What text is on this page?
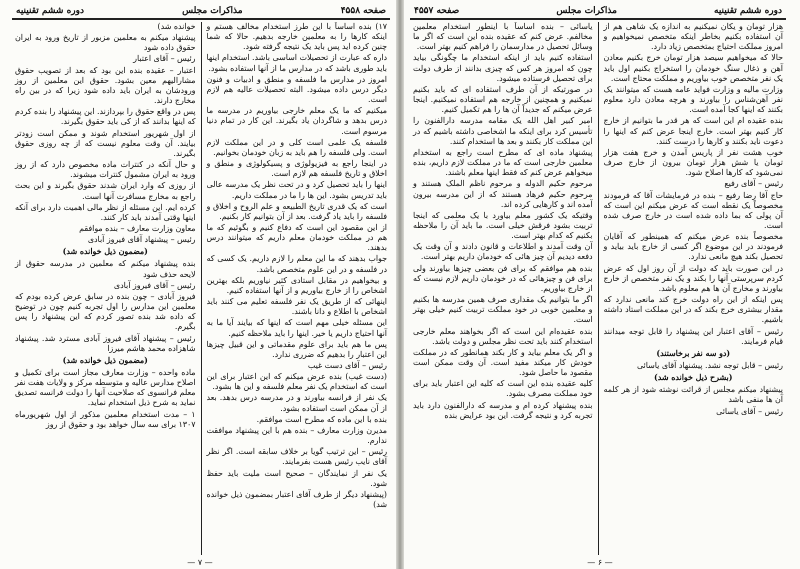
دوره ششم تقنینیه
مذاکرات مجلس
صفحه ۴۵۵۷

هزار تومان و یکان نمیکنیم به اندازه یک شاهی هم از آن استفاده بکنیم بخاطر اینکه متخصص نمیخواهیم و امروز مملکت احتیاج بمتخصص زیاد دارد.

حالا که میخواهیم سیصد هزار تومان خرج بکنیم معادن آهن و ذغال سنگ خودمان را استخراج بکنیم اول باید یک نفر متخصص خوب بیاوریم و مملکت محتاج است.

وزارت مالیه و وزارت فواید عامه هست که میتوانند یک نفر آهن‌شناس را بیاورند و هرچه معادن دارد معلوم بکنند که اینها کجا آمده است.

بنده عقیده ام این است که هر قدر ما بتوانیم از خارج کار کنیم بهتر است. خارج اینجا عرض کنم که اینها را دعوت ناید بکنند و کارها را درست کنند.

خوب هشت نفر از پاریس آمدن و خرج هفت هزار تومان یا شش هزار تومان بیرون از خارج صرف نمی‌شود که کارها اصلاح شود.

رئیس – آقای رفیع

حاج آقا رضا رفیع – بنده در فرمایشات آقا که فرمودند مخصوصاً یک نقطه است که عرض میکنم این است که آن پولی که بما داده شده است در خارج صرف شده است.

مخصوصاً بنده عرض میکنم که همینطور که آقایان فرمودند در این موضوع اگر کسی از خارج باید بیاید و تحصیل بکند هیچ مانعی ندارد.

در این صورت باید که دولت از آن روز اول که عرض کردم سرپرستی آنها را بکند و یک نفر متخصص از خارج بیاورند و مخارج آن ها هم معلوم باشد.

پس اینکه از این راه دولت خرج کند مانعی ندارد که مقدار بیشتری خرج بکند که در این مملکت استاد داشته باشیم.

رئیس – آقای اعتبار این پیشنهاد را قابل توجه میدانند قیام فرمایند.

(دو سه نفر برخاستند)

رئیس – قابل توجه نشد. پیشنهاد آقای یاسائی

(بشرح ذیل خوانده شد)

پیشنهاد میکنم مجلس از قرائت نوشته شود از هر کلمه آن ها منفی باشد

رئیس – آقای یاسائی

یاسائی – بنده اساساً با اینطور استخدام معلمین مخالفم. عرض کنم که عقیده بنده این است که اگر ما وسائل تحصیل در مدارسمان را فراهم کنیم بهتر است.

استفاده کنیم باید از اینکه استخدام ما چگونگی بیاید چون که امروز هر کس که چیزی بدانند از طرف دولت برای تحصیل فرستاده میشود.

در صورتیکه از آن طرف استفاده ای که باید بکنیم نمیکنیم و همچنین از خارجه هم استفاده نمیکنیم. اینجا عرض میکنم که جدیداً آن ها را هم تکمیل کنیم.

امیر کبیر اهل الله یک مقامه مدرسه دارالفنون را تأسیس کرد برای اینکه ما اشخاصی داشته باشیم که در این مملکت کار بکنند و بعد ها استخدام کنند.

پیشنهاد ماده ای که مطرح است راجع به استخدام معلمین خارجی است که ما در مملکت لازم داریم، بنده میخواهم عرض کنم که فقط اینها معلم باشند.

مرحوم حکیم الدوله و مرحوم ناظم الملک هستند و مرحوم حکیم فرهاد هستند که از این مدرسه بیرون آمده اند و کارهایی کرده اند.

وقتیکه یک کشور معلم بیاورد با یک معلمی که اینجا تربیت بشود فرقش خیلی است. ما باید آن را ملاحظه بکنیم که کدام بهتر است.

آن وقت آمدند و اطلاعات و قانون دادند و آن وقت یک دفعه دیدیم آن چیز هائی که خودمان داریم بهتر است.

بنده هم موافقم که برای فن بعضی چیزها بیاورند ولی برای فن و چیزهائی که در خودمان داریم لازم نیست که از خارج بیاوریم.

اگر ما بتوانیم یک مقداری صرف همین مدرسه ها بکنیم و معلمین خوبی در خود مملکت تربیت کنیم خیلی بهتر است.

بنده عقیده‌ام این است که اگر بخواهند معلم خارجی استخدام کنند باید تحت نظر مجلس و دولت باشد.

و اگر یک معلم بیاید و کار بکند همانطور که در مملکت خودش کار میکند مفید است. آن وقت ممکن است مقصود ما حاصل شود.

کلیه عقیده بنده این است که کلیه این اعتبار باید برای خود مملکت مصرف بشود.

بنده پیشنهاد کرده ام و مدرسه که دارالفنون دارد باید تجربه کرد و نتیجه گرفت. این بود عرایض بنده

— ۶ —
صفحه ۴۵۵۸
مذاکرات مجلس
دوره ششم تقنینیه

۱۷) بنده اساساً با این طرز استخدام مخالف هستم و اینکه کارها را به معلمین خارجه بدهیم. حالا که شما چنین کرده اید پس باید یک نتیجه گرفته شود.

داره که عبارت از تحصیلات اساسی باشد. استخدام اینها باید طوری باشد که در مدارس ما از آنها استفاده بشود.

امروز در مدارس ما فلسفه و منطق و ادبیات و فنون دیگر درس داده میشود. البته تحصیلات عالیه هم لازم است.

میکنیم که ما یک معلم خارجی بیاوریم در مدرسه ما درس بدهد و شاگردان یاد بگیرند. این کار در تمام دنیا مرسوم است.

فلسفه یک علمی است کلی و در این مملکت لازم است. ولی فلسفه را هم باید به زبان خودمان بخوانیم.

در اینجا راجع به فیزیولوژی و پسیکولوژی و منطق و اخلاق و تاریخ فلسفه هم لازم است.

اینها را باید تحصیل کرد و در تحت نظر یک مدرسه عالی باید تدریس بشود. این ها را ما در مملکت داریم.

است که یک قدری تاریخ الطبیعه و علم الروح و اخلاق و فلسفه را باید یاد گرفت. بعد از آن بتوانیم کار بکنیم.

از این مقصود این است که دفاع کنیم و بگوئیم که ما هم در مملکت خودمان معلم داریم که میتوانند درس بدهند.

جواب بدهند که ما این معلم را لازم داریم. یک کسی که در فلسفه و در این علوم متخصص باشد.

و بیخواهیم در مقابل استادی کثیر نیاوریم بلکه بهترین اشخاص را از خارج بیاوریم و از آنها استفاده کنیم.

اینهائی که از طریق یک نفر فلسفه تعلیم می کنند باید اشخاص با اطلاع و دانا باشند.

این مسئله خیلی مهم است که اینها که بیایند آیا ما به آنها احتیاج داریم یا خیر. اینها را باید ملاحظه کنیم.

پس ما هم باید برای علوم مقدماتی و این قبیل چیزها این اعتبار را بدهیم که ضرری ندارد.

رئیس – آقای دست غیب

(دست غیب) بنده عرض میکنم که این اعتبار برای این است که استخدام یک نفر معلم فلسفه و این ها بشود.

یک نفر از فرانسه بیاورند و در مدرسه درس بدهد. بعد از آن ممکن است استفاده بشود.

بنده با این ماده که مطرح است موافقم.

مدیرن وزارت معارف – بنده هم با این پیشنهاد موافقت ندارم.

رئیس – این ترتیب گویا بر خلاف سابقه است. اگر نظر آقای نایب رئیس هست بفرمایند.

یک نفر از نمایندگان – صحیح است ملیت باید حفظ شود.

(پیشنهاد دیگر از طرف آقای اعتبار بمضمون ذیل خوانده شد)

خوانده شد)

پیشنهاد میکنم به معلمین مزبور از تاریخ ورود به ایران حقوق داده شود

رئیس – آقای اعتبار

اعتبار – عقیده بنده این بود که بعد از تصویب حقوق مشارالیهم معین بشود. حقوق این معلمین از روز ورودشان به ایران باید داده شود زیرا که در بین راه مخارج دارند.

پس در واقع حقوق را بپردازند. این پیشنهاد را بنده کردم که اینها بدانند که از کی باید حقوق بگیرند.

از اول شهریور استخدام شوند و ممکن است زودتر بیایند. آن وقت معلوم نیست که از چه روزی حقوق بگیرند.

و حال آنکه در کنترات ماده مخصوص دارد که از روز ورود به ایران مشمول کنترات میشوند.

از روزی که وارد ایران شدند حقوق بگیرند و این بحث راجع به مخارج مسافرت آنها است.

کرده ایم. این مسئله از نظر مالی اهمیت دارد برای آنکه اینها وقتی آمدند باید کار کنند.

معاون وزارت معارف – بنده موافقم

رئیس – پیشنهاد آقای فیروز آبادی

(مضمون ذیل خوانده شد)

بنده پیشنهاد میکنم که معلمین در مدرسه حقوق از لایحه حذف شود

رئیس – آقای فیروز آبادی

فیروز آبادی – چون بنده در سابق عرض کرده بودم که معلمین این مدارس را اول تجربه کنیم چون در توضیح که داده شد بنده تصور کردم که این پیشنهاد را پس بگیرم.

رئیس – پیشنهاد آقای فیروز آبادی مسترد شد. پیشنهاد شاهزاده محمد هاشم میرزا

(مضمون ذیل خوانده شد)

ماده واحده – وزارت معارف مجاز است برای تکمیل و اصلاح مدارس عالیه و متوسطه مرکز و ولایات هفت نفر معلم فرانسوی که صلاحیت آنها را دولت فرانسه تصدیق نماید به شرح ذیل استخدام نماید.

۱ – مدت استخدام معلمین مذکور از اول شهریورماه ۱۳۰۷ برای سه سال خواهد بود و حقوق از روز

— ۷ —
